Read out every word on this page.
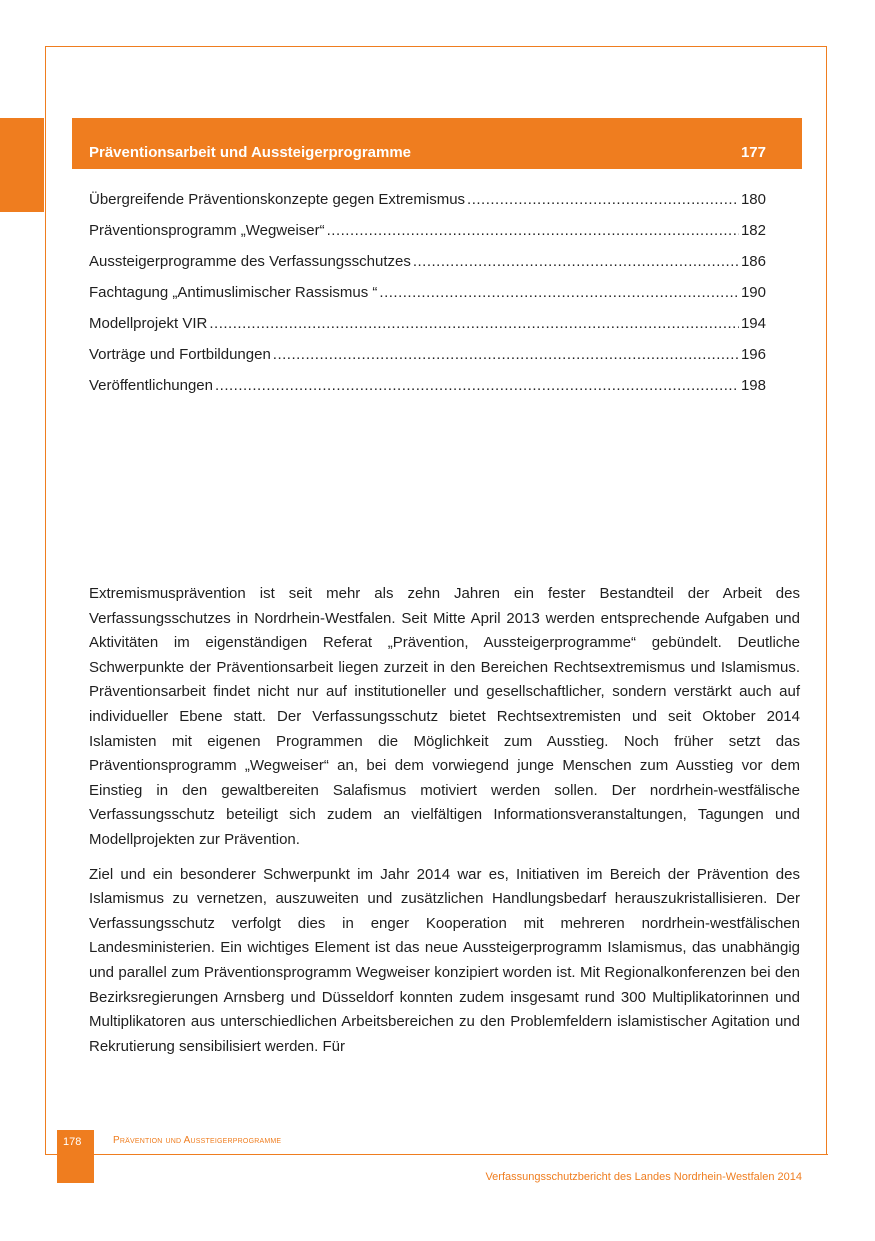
Präventionsarbeit und Aussteigerprogramme	177
Übergreifende Präventionskonzepte gegen Extremismus .....	180
Präventionsprogramm „Wegweiser“ .....	182
Aussteigerprogramme des Verfassungsschutzes .....	186
Fachtagung „Antimuslimischer Rassismus “ .....	190
Modellprojekt VIR .....	194
Vorträge und Fortbildungen .....	196
Veröffentlichungen .....	198

Extremismusprävention ist seit mehr als zehn Jahren ein fester Bestandteil der Arbeit des Verfassungsschutzes in Nordrhein-Westfalen. Seit Mitte April 2013 werden entsprechende Aufgaben und Aktivitäten im eigenständigen Referat „Prävention, Aussteigerprogramme“ gebündelt. Deutliche Schwerpunkte der Präventionsarbeit liegen zurzeit in den Bereichen Rechtsextremismus und Islamismus. Präventionsarbeit findet nicht nur auf institutioneller und gesellschaftlicher, sondern verstärkt auch auf individueller Ebene statt. Der Verfassungsschutz bietet Rechtsextremisten und seit Oktober 2014 Islamisten mit eigenen Programmen die Möglichkeit zum Ausstieg. Noch früher setzt das Präventionsprogramm „Wegweiser“ an, bei dem vorwiegend junge Menschen zum Ausstieg vor dem Einstieg in den gewaltbereiten Salafismus motiviert werden sollen. Der nordrhein-westfälische Verfassungsschutz beteiligt sich zudem an vielfältigen Informationsveranstaltungen, Tagungen und Modellprojekten zur Prävention.

Ziel und ein besonderer Schwerpunkt im Jahr 2014 war es, Initiativen im Bereich der Prävention des Islamismus zu vernetzen, auszuweiten und zusätzlichen Handlungsbedarf herauszukristallisieren. Der Verfassungsschutz verfolgt dies in enger Kooperation mit mehreren nordrhein-westfälischen Landesministerien. Ein wichtiges Element ist das neue Aussteigerprogramm Islamismus, das unabhängig und parallel zum Präventionsprogramm Wegweiser konzipiert worden ist. Mit Regionalkonferenzen bei den Bezirksregierungen Arnsberg und Düsseldorf konnten zudem insgesamt rund 300 Multiplikatorinnen und Multiplikatoren aus unterschiedlichen Arbeitsbereichen zu den Problemfeldern islamistischer Agitation und Rekrutierung sensibilisiert werden. Für

178	Prävention und Aussteigerprogramme
Verfassungsschutzbericht des Landes Nordrhein-Westfalen 2014
